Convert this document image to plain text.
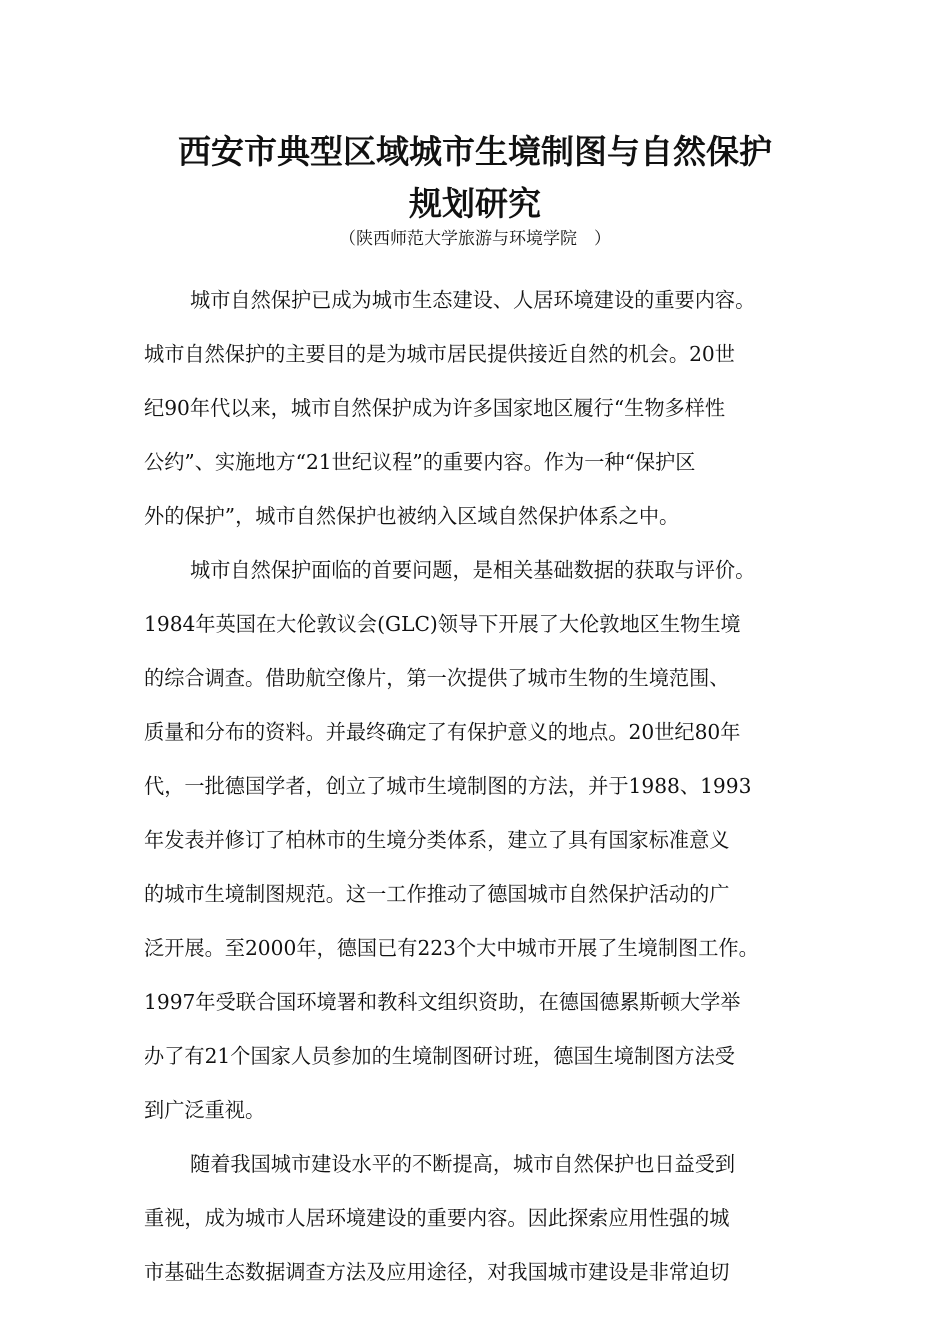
西安市典型区域城市生境制图与自然保护
规划研究
（陕西师范大学旅游与环境学院　）
城市自然保护已成为城市生态建设、人居环境建设的重要内容。
城市自然保护的主要目的是为城市居民提供接近自然的机会。20世
纪90年代以来，城市自然保护成为许多国家地区履行“生物多样性
公约”、实施地方“21世纪议程”的重要内容。作为一种“保护区
外的保护”，城市自然保护也被纳入区域自然保护体系之中。
城市自然保护面临的首要问题，是相关基础数据的获取与评价。
1984年英国在大伦敦议会(GLC)领导下开展了大伦敦地区生物生境
的综合调查。借助航空像片，第一次提供了城市生物的生境范围、
质量和分布的资料。并最终确定了有保护意义的地点。20世纪80年
代，一批德国学者，创立了城市生境制图的方法，并于1988、1993
年发表并修订了柏林市的生境分类体系，建立了具有国家标准意义
的城市生境制图规范。这一工作推动了德国城市自然保护活动的广
泛开展。至2000年，德国已有223个大中城市开展了生境制图工作。
1997年受联合国环境署和教科文组织资助，在德国德累斯顿大学举
办了有21个国家人员参加的生境制图研讨班，德国生境制图方法受
到广泛重视。
随着我国城市建设水平的不断提高，城市自然保护也日益受到
重视，成为城市人居环境建设的重要内容。因此探索应用性强的城
市基础生态数据调查方法及应用途径，对我国城市建设是非常迫切
